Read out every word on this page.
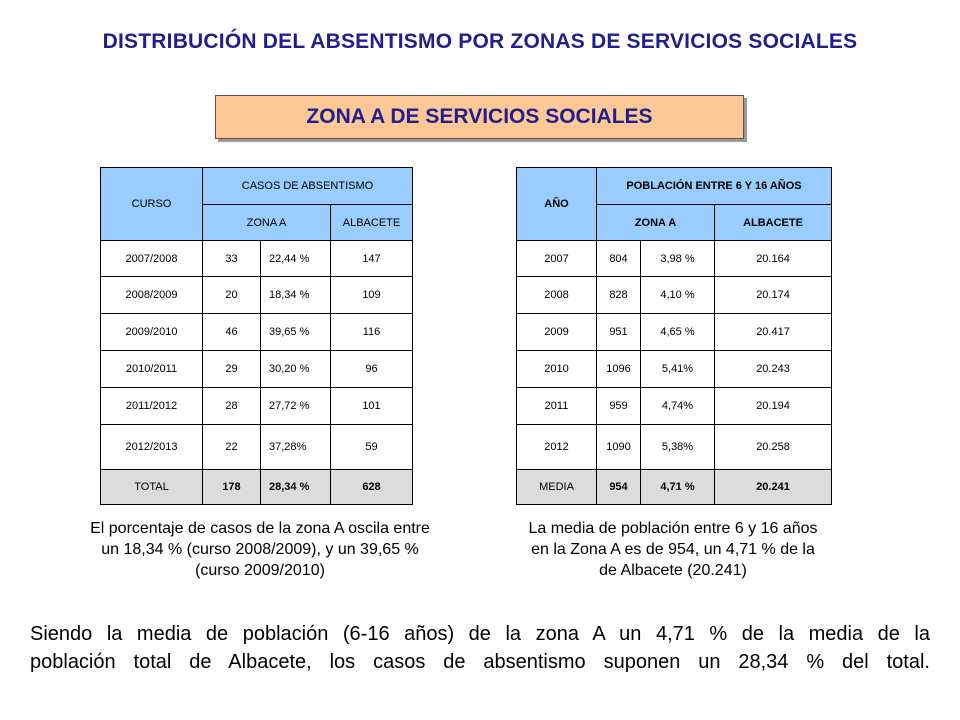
DISTRIBUCIÓN DEL ABSENTISMO POR ZONAS DE SERVICIOS SOCIALES
ZONA A DE SERVICIOS SOCIALES
CURSO	CASOS DE ABSENTISMO		
	ZONA A		ALBACETE
2007/2008	33	22,44 %	147
2008/2009	20	18,34 %	109
2009/2010	46	39,65 %	116
2010/2011	29	30,20 %	96
2011/2012	28	27,72 %	101
2012/2013	22	37,28%	59
TOTAL	178	28,34 %	628
AÑO	POBLACIÓN ENTRE 6 Y 16 AÑOS		
	ZONA A		ALBACETE
2007	804	3,98 %	20.164
2008	828	4,10 %	20.174
2009	951	4,65 %	20.417
2010	1096	5,41%	20.243
2011	959	4,74%	20.194
2012	1090	5,38%	20.258
MEDIA	954	4,71 %	20.241
El porcentaje de casos de la zona A oscila entre
un 18,34 % (curso 2008/2009), y un 39,65 %
(curso 2009/2010)
La media de población entre 6 y 16 años
en la Zona A es de 954, un 4,71 % de la
de Albacete (20.241)
Siendo la media de población (6-16 años) de la zona A un 4,71 % de la media de la
población total de Albacete, los casos de absentismo suponen un 28,34 % del total.
